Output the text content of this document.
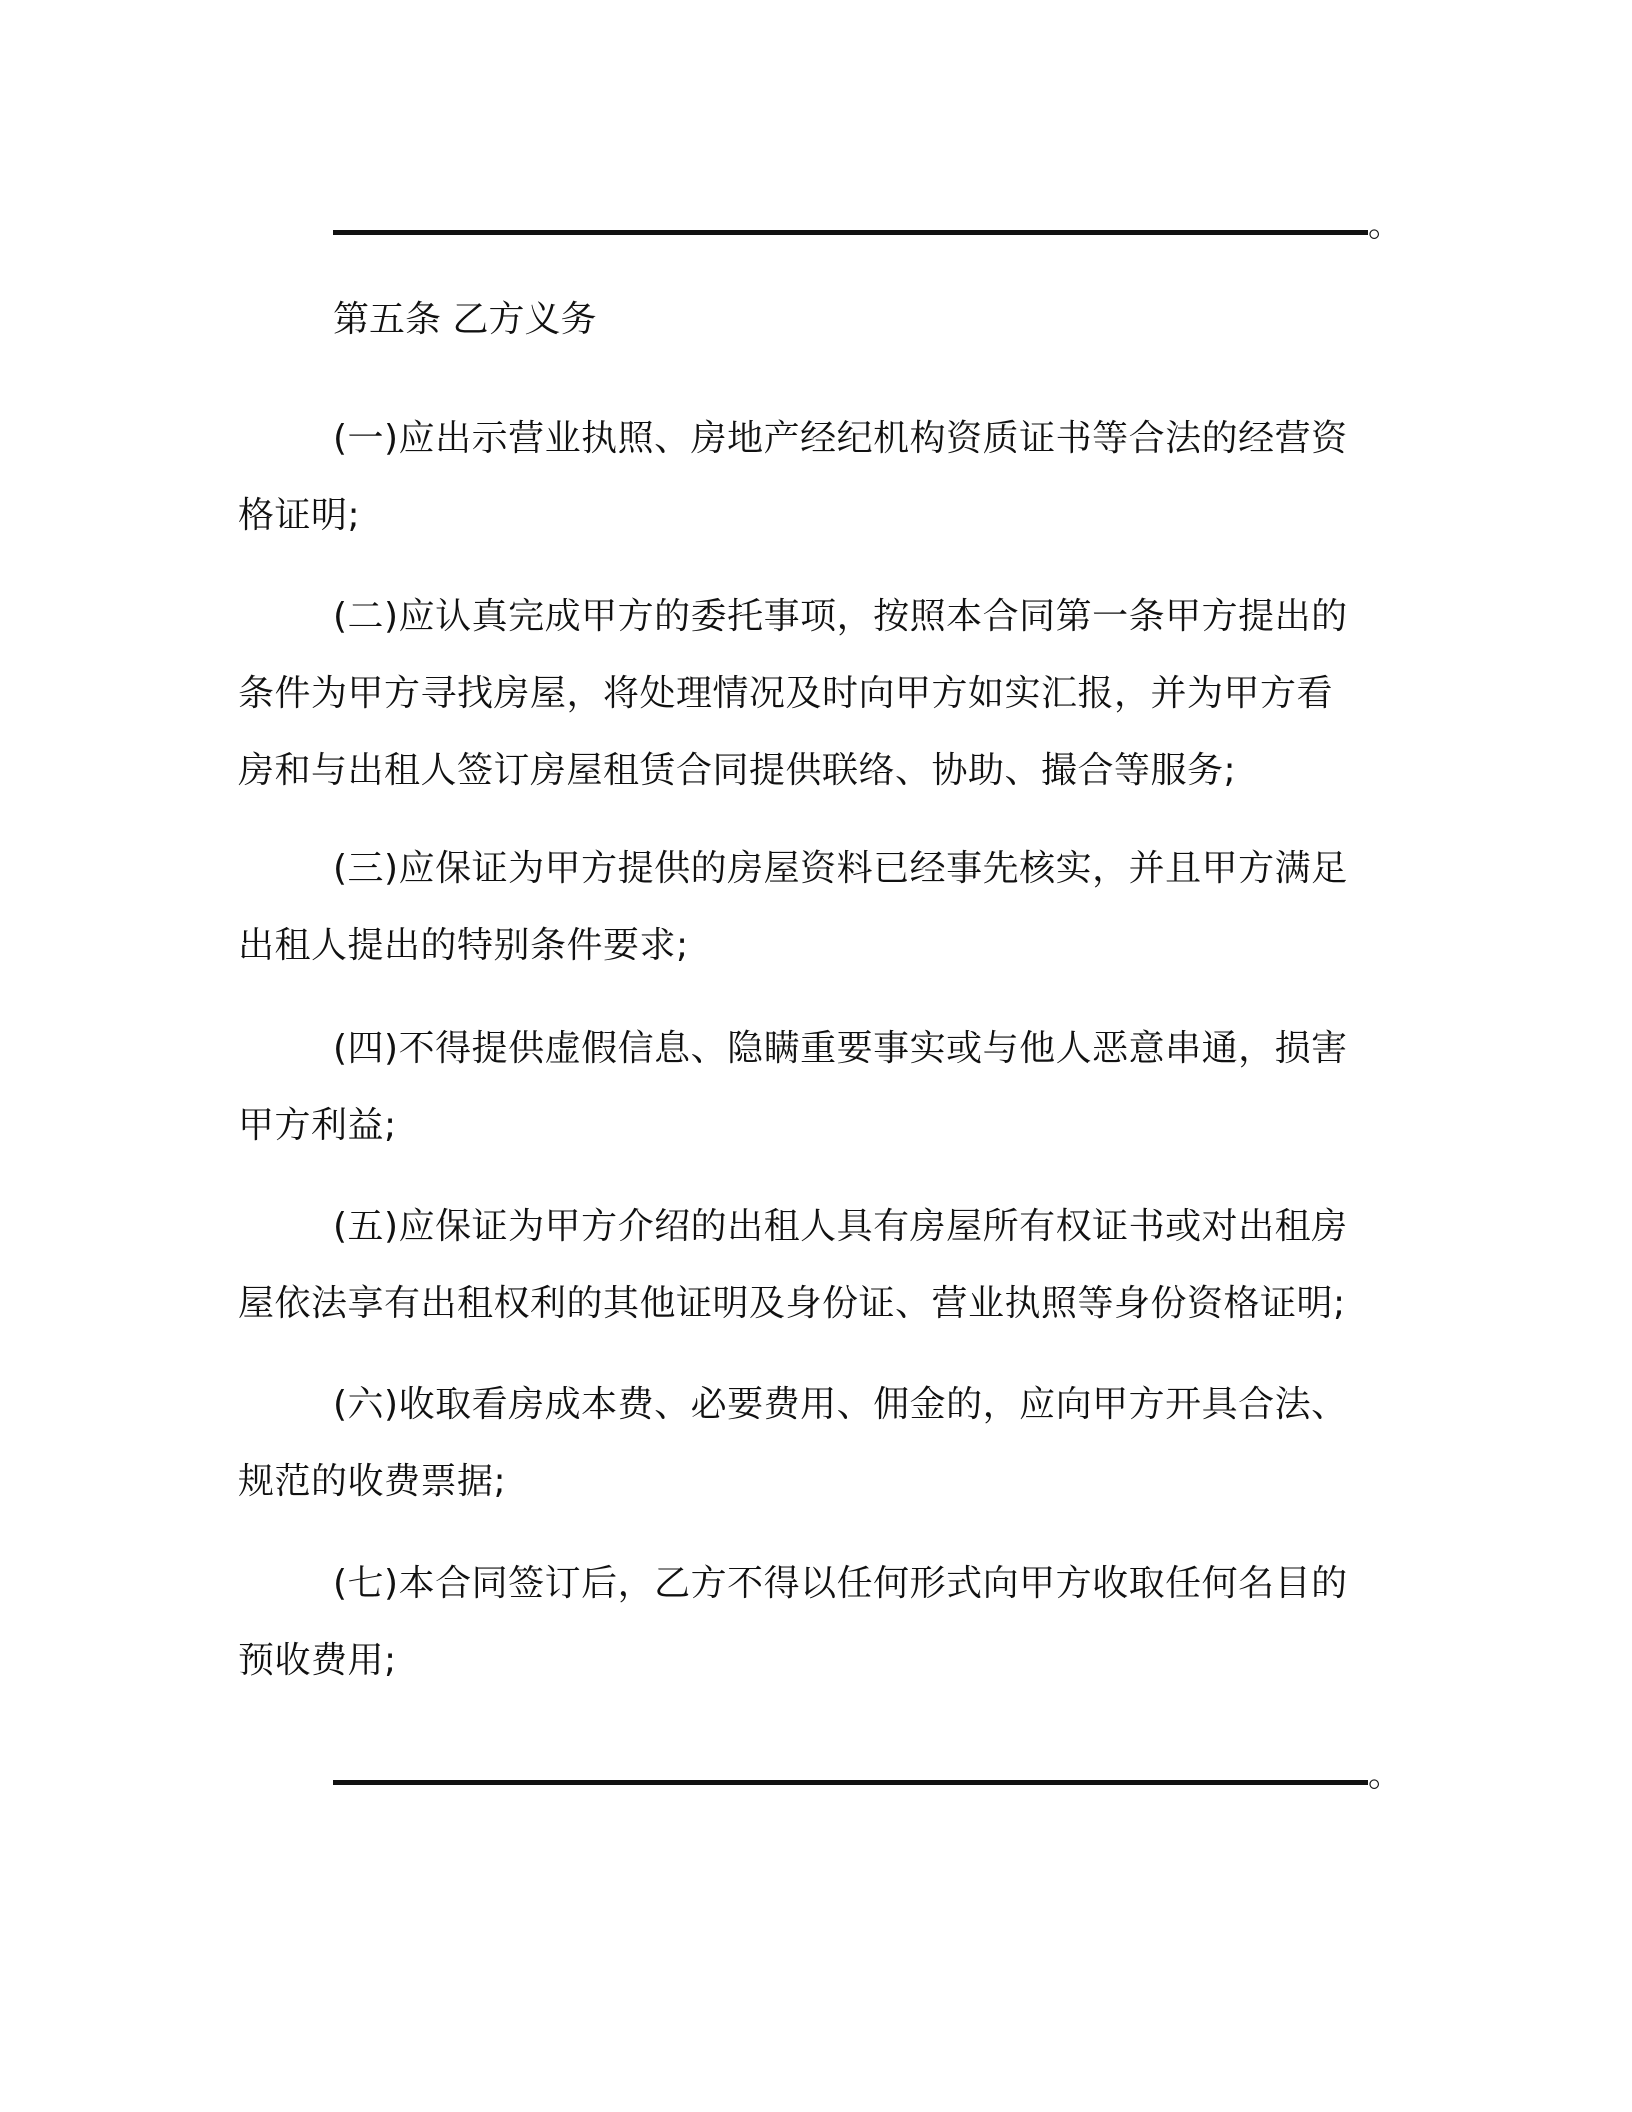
。
第五条 乙方义务
(一)应出示营业执照、房地产经纪机构资质证书等合法的经营资
格证明;
(二)应认真完成甲方的委托事项，按照本合同第一条甲方提出的
条件为甲方寻找房屋，将处理情况及时向甲方如实汇报，并为甲方看
房和与出租人签订房屋租赁合同提供联络、协助、撮合等服务;
(三)应保证为甲方提供的房屋资料已经事先核实，并且甲方满足
出租人提出的特别条件要求;
(四)不得提供虚假信息、隐瞒重要事实或与他人恶意串通，损害
甲方利益;
(五)应保证为甲方介绍的出租人具有房屋所有权证书或对出租房
屋依法享有出租权利的其他证明及身份证、营业执照等身份资格证明;
(六)收取看房成本费、必要费用、佣金的，应向甲方开具合法、
规范的收费票据;
(七)本合同签订后，乙方不得以任何形式向甲方收取任何名目的
预收费用;
。
